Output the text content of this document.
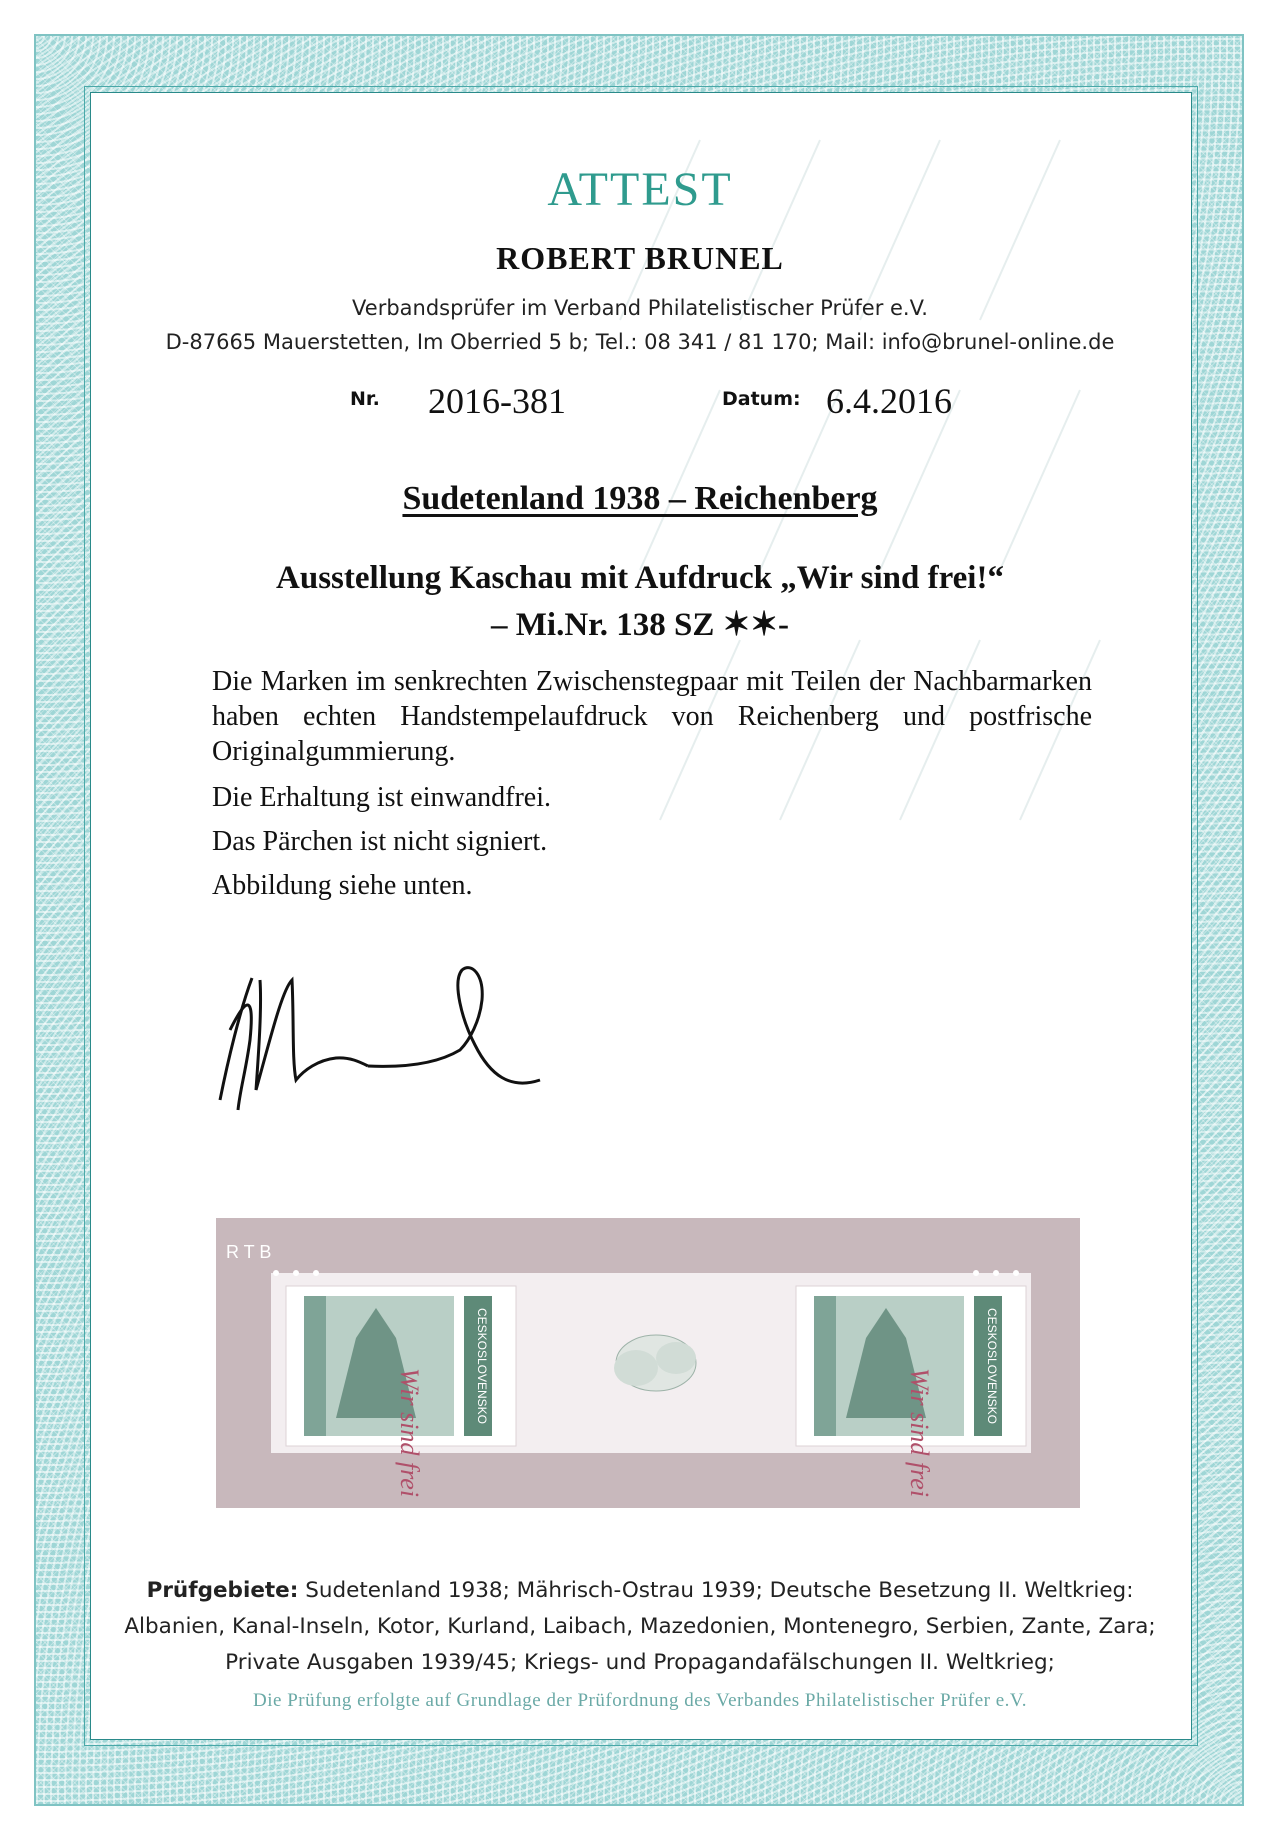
ATTEST
ROBERT BRUNEL
Verbandsprüfer im Verband Philatelistischer Prüfer e.V.
D-87665 Mauerstetten, Im Oberried 5 b; Tel.: 08 341 / 81 170; Mail: info@brunel-online.de
Nr. 2016-381	Datum: 6.4.2016
Sudetenland 1938 – Reichenberg
Ausstellung Kaschau mit Aufdruck „Wir sind frei!“
– Mi.Nr. 138 SZ ✶✶-
Die Marken im senkrechten Zwischenstegpaar mit Teilen der Nachbarmarken haben echten Handstempelaufdruck von Reichenberg und postfrische Originalgummierung.
Die Erhaltung ist einwandfrei.
Das Pärchen ist nicht signiert.
Abbildung siehe unten.
CESKOSLOVENSKO
Wir sind frei
CESKOSLOVENSKO
Wir sind frei
R T B
Prüfgebiete: Sudetenland 1938; Mährisch-Ostrau 1939; Deutsche Besetzung II. Weltkrieg:
Albanien, Kanal-Inseln, Kotor, Kurland, Laibach, Mazedonien, Montenegro, Serbien, Zante, Zara;
Private Ausgaben 1939/45; Kriegs- und Propagandafälschungen II. Weltkrieg;
Die Prüfung erfolgte auf Grundlage der Prüfordnung des Verbandes Philatelistischer Prüfer e.V.
